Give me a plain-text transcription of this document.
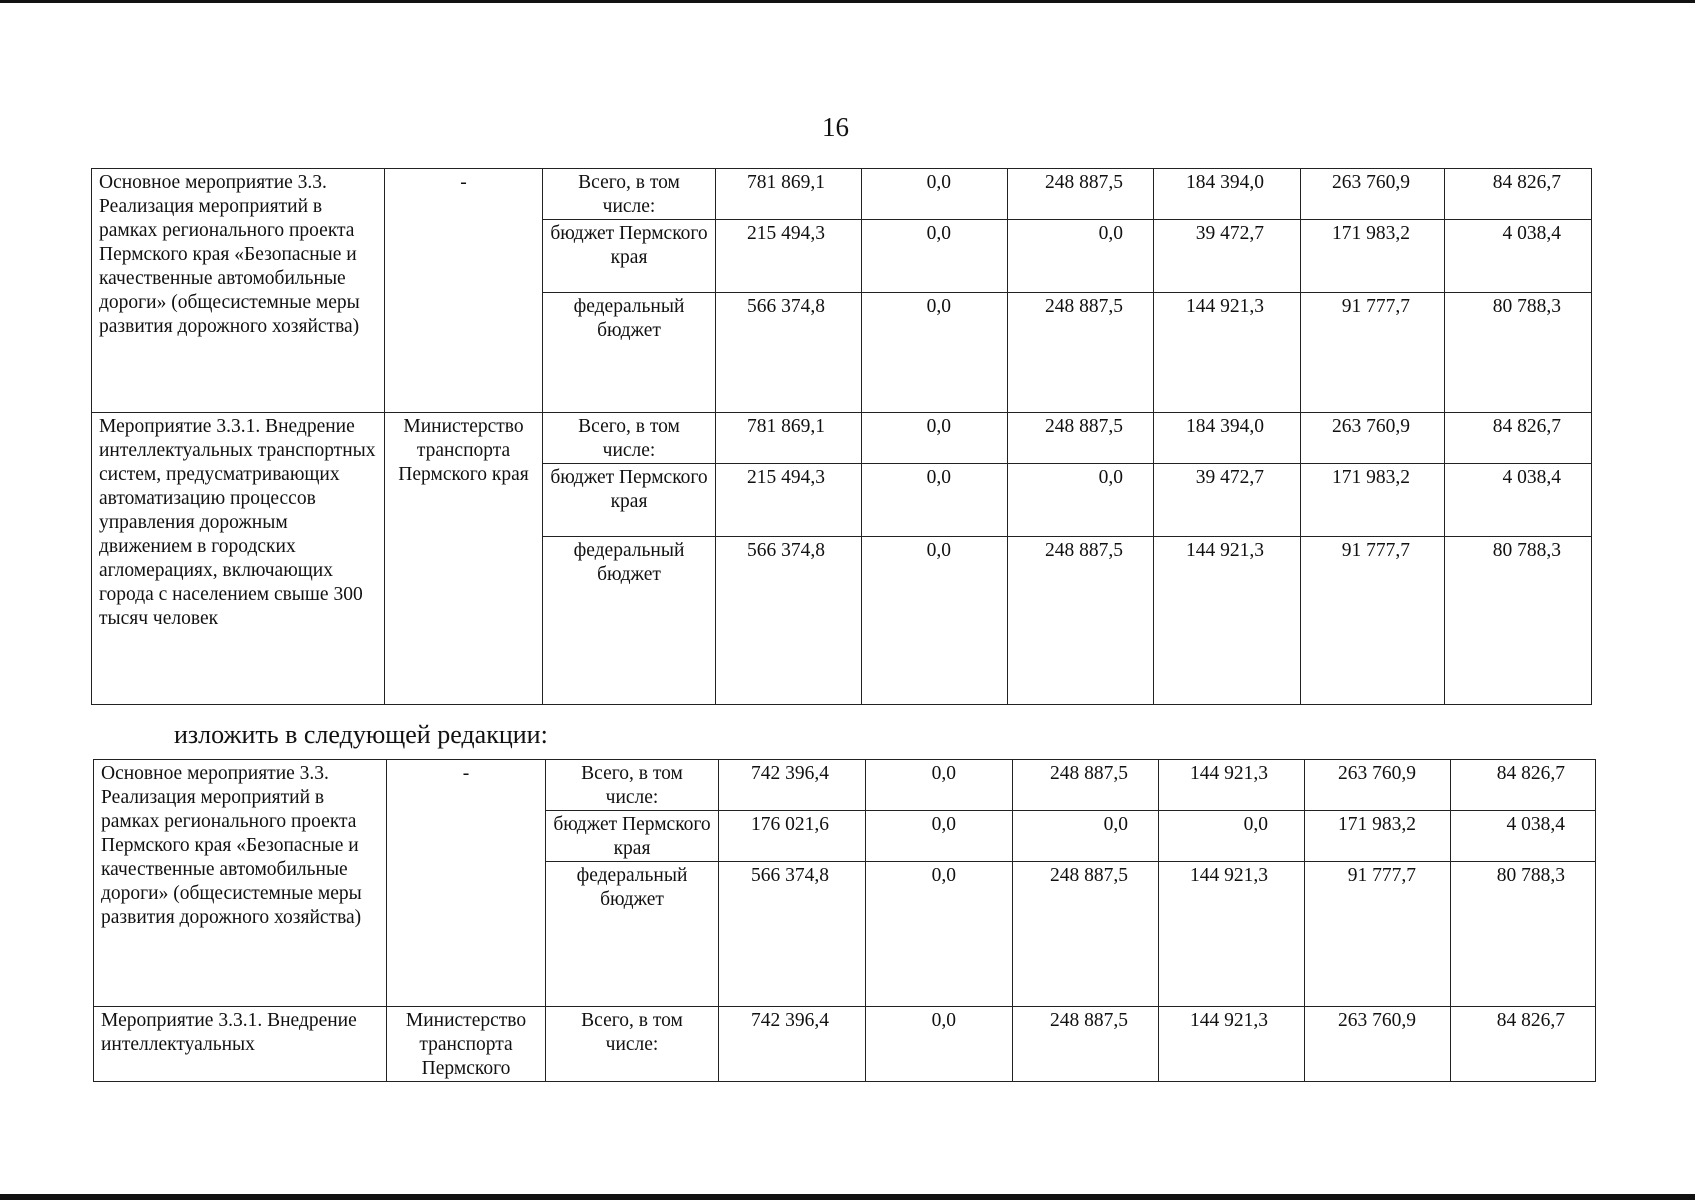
16
Основное мероприятие 3.3. Реализация мероприятий в рамках регионального проекта Пермского края «Безопасные и качественные автомобильные дороги» (общесистемные меры развития дорожного хозяйства)	-	Всего, в том числе:	781 869,1	0,0	248 887,5	184 394,0	263 760,9	84 826,7
		бюджет Пермского края	215 494,3	0,0	0,0	39 472,7	171 983,2	4 038,4
		федеральный бюджет	566 374,8	0,0	248 887,5	144 921,3	91 777,7	80 788,3
Мероприятие 3.3.1. Внедрение интеллектуальных транспортных систем, предусматривающих автоматизацию процессов управления дорожным движением в городских агломерациях, включающих города с населением свыше 300 тысяч человек	Министерство транспорта Пермского края	Всего, в том числе:	781 869,1	0,0	248 887,5	184 394,0	263 760,9	84 826,7
		бюджет Пермского края	215 494,3	0,0	0,0	39 472,7	171 983,2	4 038,4
		федеральный бюджет	566 374,8	0,0	248 887,5	144 921,3	91 777,7	80 788,3
изложить в следующей редакции:
Основное мероприятие 3.3. Реализация мероприятий в рамках регионального проекта Пермского края «Безопасные и качественные автомобильные дороги» (общесистемные меры развития дорожного хозяйства)	-	Всего, в том числе:	742 396,4	0,0	248 887,5	144 921,3	263 760,9	84 826,7
		бюджет Пермского края	176 021,6	0,0	0,0	0,0	171 983,2	4 038,4
		федеральный бюджет	566 374,8	0,0	248 887,5	144 921,3	91 777,7	80 788,3
Мероприятие 3.3.1. Внедрение интеллектуальных	Министерство транспорта Пермского	Всего, в том числе:	742 396,4	0,0	248 887,5	144 921,3	263 760,9	84 826,7
